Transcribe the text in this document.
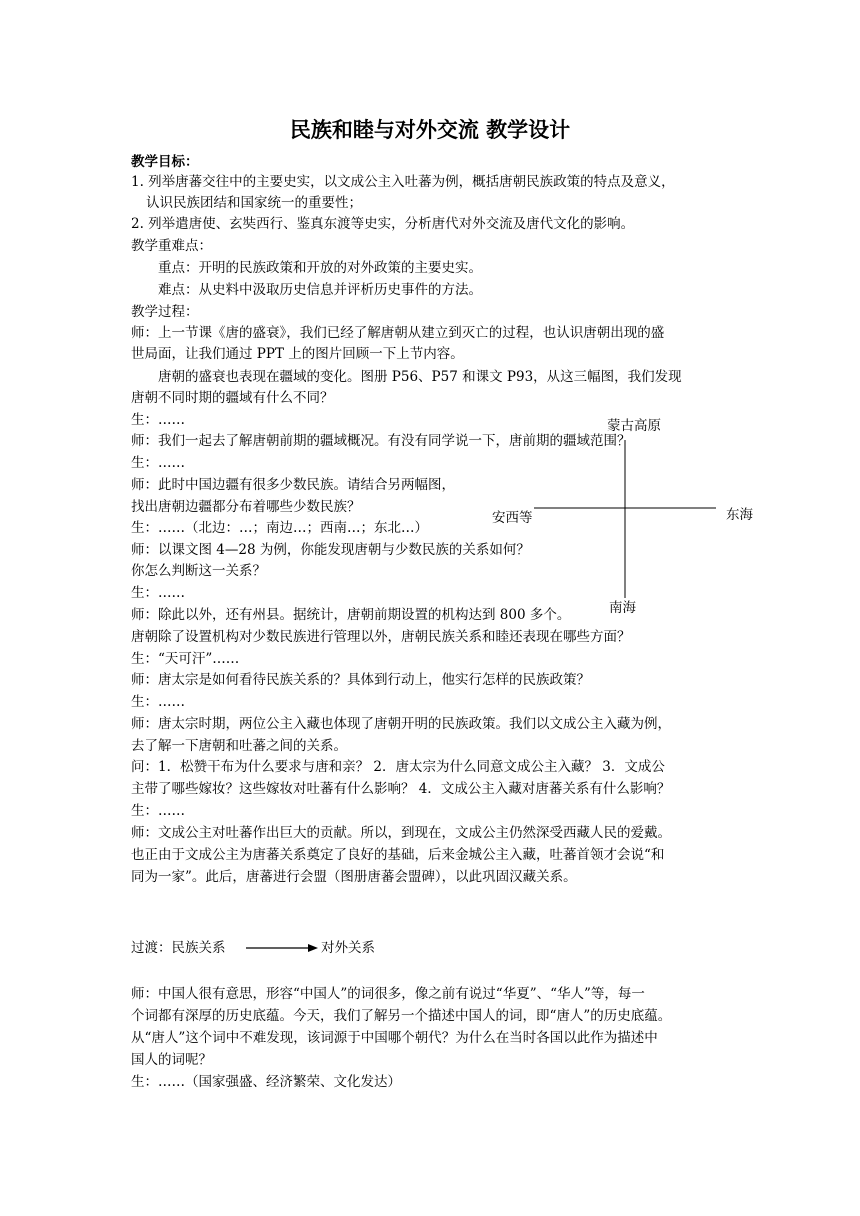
民族和睦与对外交流 教学设计
教学目标：
1. 列举唐蕃交往中的主要史实，以文成公主入吐蕃为例，概括唐朝民族政策的特点及意义，
认识民族团结和国家统一的重要性；
2. 列举遣唐使、玄奘西行、鉴真东渡等史实，分析唐代对外交流及唐代文化的影响。
教学重难点：
重点：开明的民族政策和开放的对外政策的主要史实。
难点：从史料中汲取历史信息并评析历史事件的方法。
教学过程：
师：上一节课《唐的盛衰》，我们已经了解唐朝从建立到灭亡的过程，也认识唐朝出现的盛
世局面，让我们通过 PPT 上的图片回顾一下上节内容。
唐朝的盛衰也表现在疆域的变化。图册 P56、P57 和课文 P93，从这三幅图，我们发现
唐朝不同时期的疆域有什么不同？
生：……
师：我们一起去了解唐朝前期的疆域概况。有没有同学说一下，唐前期的疆域范围？
生：……
师：此时中国边疆有很多少数民族。请结合另两幅图，
找出唐朝边疆都分布着哪些少数民族？
生：……（北边：…；南边…；西南…；东北…）
师：以课文图 4—28 为例，你能发现唐朝与少数民族的关系如何？
你怎么判断这一关系？
生：……
师：除此以外，还有州县。据统计，唐朝前期设置的机构达到 800 多个。
唐朝除了设置机构对少数民族进行管理以外，唐朝民族关系和睦还表现在哪些方面？
生：“天可汗”……
师：唐太宗是如何看待民族关系的？具体到行动上，他实行怎样的民族政策？
生：……
师：唐太宗时期，两位公主入藏也体现了唐朝开明的民族政策。我们以文成公主入藏为例，
去了解一下唐朝和吐蕃之间的关系。
问：1．松赞干布为什么要求与唐和亲？ 2．唐太宗为什么同意文成公主入藏？ 3．文成公
主带了哪些嫁妆？这些嫁妆对吐蕃有什么影响？ 4．文成公主入藏对唐蕃关系有什么影响？
生：……
师：文成公主对吐蕃作出巨大的贡献。所以，到现在，文成公主仍然深受西藏人民的爱戴。
也正由于文成公主为唐蕃关系奠定了良好的基础，后来金城公主入藏，吐蕃首领才会说“和
同为一家”。此后，唐蕃进行会盟（图册唐蕃会盟碑），以此巩固汉藏关系。
师：中国人很有意思，形容“中国人”的词很多，像之前有说过“华夏”、“华人”等，每一
个词都有深厚的历史底蕴。今天，我们了解另一个描述中国人的词，即“唐人”的历史底蕴。
从“唐人”这个词中不难发现，该词源于中国哪个朝代？为什么在当时各国以此作为描述中
国人的词呢？
生：……（国家强盛、经济繁荣、文化发达）
过渡：民族关系	对外关系
蒙古高原
安西等	东海
南海
